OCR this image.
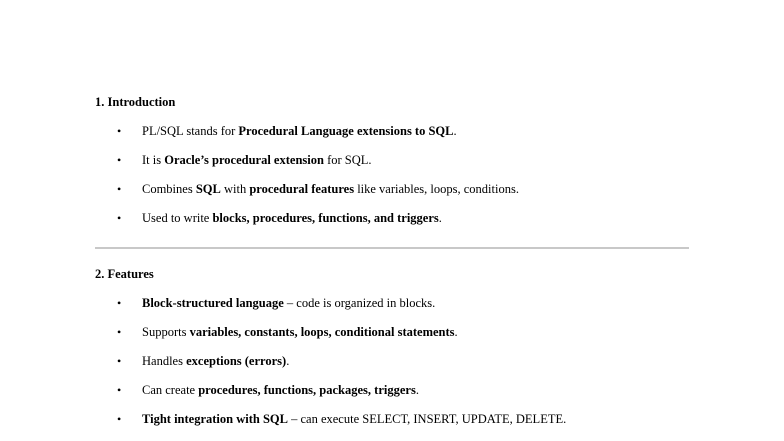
1. Introduction
• PL/SQL stands for Procedural Language extensions to SQL.
• It is Oracle’s procedural extension for SQL.
• Combines SQL with procedural features like variables, loops, conditions.
• Used to write blocks, procedures, functions, and triggers.
2. Features
• Block-structured language – code is organized in blocks.
• Supports variables, constants, loops, conditional statements.
• Handles exceptions (errors).
• Can create procedures, functions, packages, triggers.
• Tight integration with SQL – can execute SELECT, INSERT, UPDATE, DELETE.
